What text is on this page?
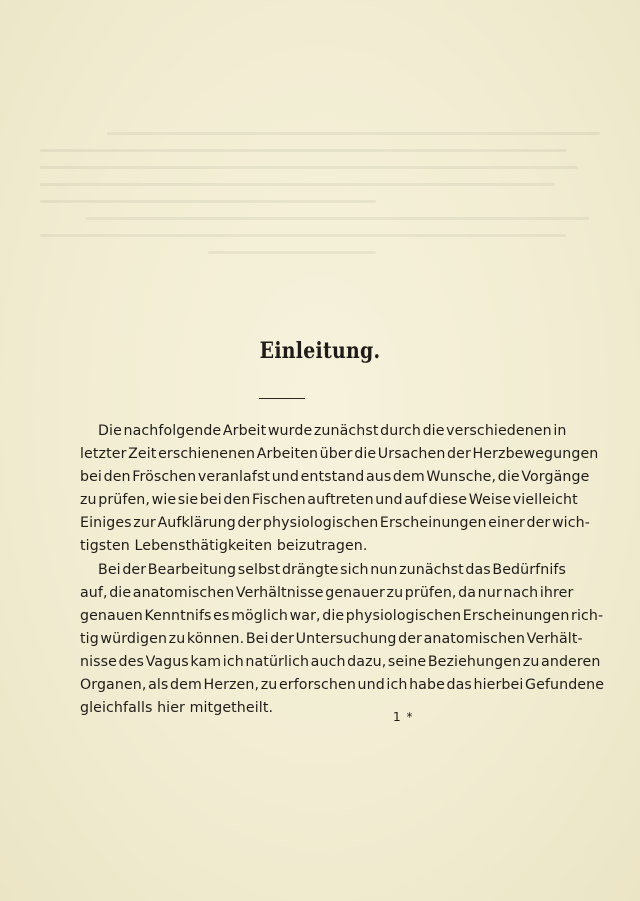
Einleitung.
Die nachfolgende Arbeit wurde zunächst durch die verschiedenen in
letzter Zeit erschienenen Arbeiten über die Ursachen der Herzbewegungen
bei den Fröschen veranlafst und entstand aus dem Wunsche, die Vorgänge
zu prüfen, wie sie bei den Fischen auftreten und auf diese Weise vielleicht
Einiges zur Aufklärung der physiologischen Erscheinungen einer der wich-
tigsten Lebensthätigkeiten beizutragen.
Bei der Bearbeitung selbst drängte sich nun zunächst das Bedürfnifs
auf, die anatomischen Verhältnisse genauer zu prüfen, da nur nach ihrer
genauen Kenntnifs es möglich war, die physiologischen Erscheinungen rich-
tig würdigen zu können. Bei der Untersuchung der anatomischen Verhält-
nisse des Vagus kam ich natürlich auch dazu, seine Beziehungen zu anderen
Organen, als dem Herzen, zu erforschen und ich habe das hierbei Gefundene
gleichfalls hier mitgetheilt.
1 *
